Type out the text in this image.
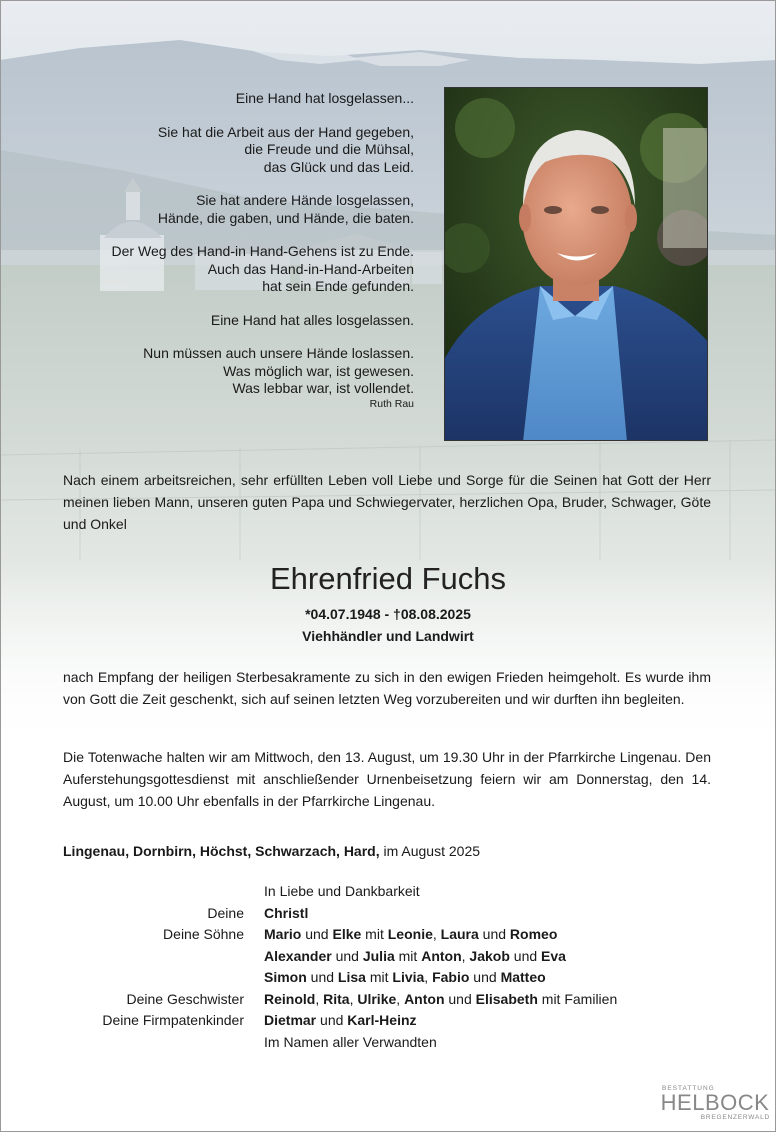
Eine Hand hat losgelassen...
Sie hat die Arbeit aus der Hand gegeben,
die Freude und die Mühsal,
das Glück und das Leid.
Sie hat andere Hände losgelassen,
Hände, die gaben, und Hände, die baten.
Der Weg des Hand-in Hand-Gehens ist zu Ende.
Auch das Hand-in-Hand-Arbeiten
hat sein Ende gefunden.
Eine Hand hat alles losgelassen.
Nun müssen auch unsere Hände loslassen.
Was möglich war, ist gewesen.
Was lebbar war, ist vollendet.
Ruth Rau
Nach einem arbeitsreichen, sehr erfüllten Leben voll Liebe und Sorge für die Seinen hat Gott der Herr meinen lieben Mann, unseren guten Papa und Schwiegervater, herzlichen Opa, Bruder, Schwager, Göte und Onkel
Ehrenfried Fuchs
*04.07.1948 - †08.08.2025
Viehhändler und Landwirt
nach Empfang der heiligen Sterbesakramente zu sich in den ewigen Frieden heimgeholt. Es wurde ihm von Gott die Zeit geschenkt, sich auf seinen letzten Weg vorzubereiten und wir durften ihn begleiten.
Die Totenwache halten wir am Mittwoch, den 13. August, um 19.30 Uhr in der Pfarrkirche Lingenau. Den Auferstehungsgottesdienst mit anschließender Urnenbeisetzung feiern wir am Donnerstag, den 14. August, um 10.00 Uhr ebenfalls in der Pfarrkirche Lingenau.
Lingenau, Dornbirn, Höchst, Schwarzach, Hard, im August 2025
In Liebe und Dankbarkeit
Deine	Christl
Deine Söhne	Mario und Elke mit Leonie, Laura und Romeo
Alexander und Julia mit Anton, Jakob und Eva
Simon und Lisa mit Livia, Fabio und Matteo
Deine Geschwister	Reinold, Rita, Ulrike, Anton und Elisabeth mit Familien
Deine Firmpatenkinder	Dietmar und Karl-Heinz
Im Namen aller Verwandten
BESTATTUNG
HELBOCK
BREGENZERWALD
